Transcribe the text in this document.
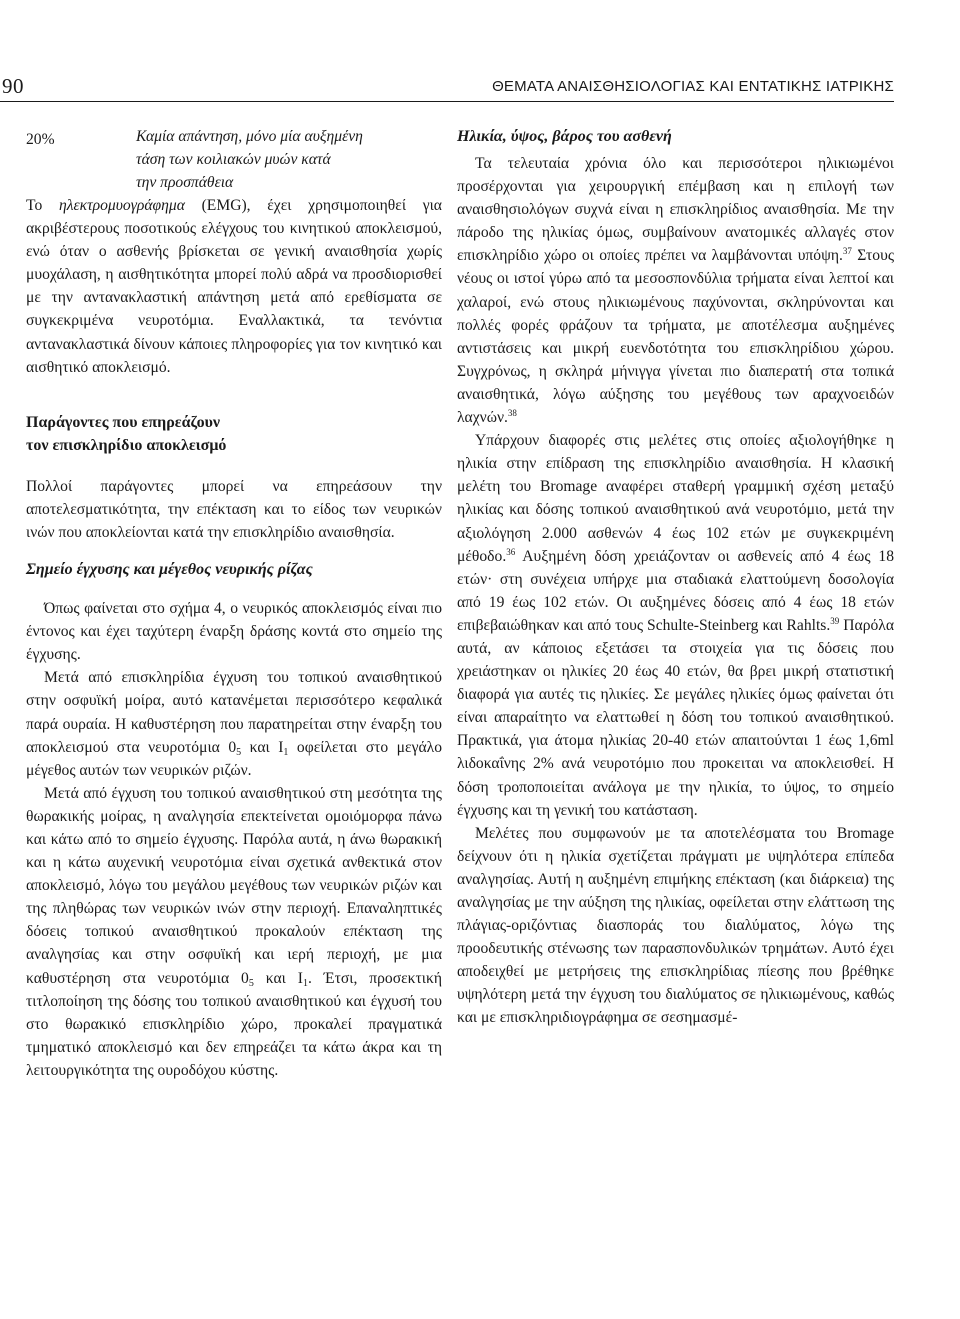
90	ΘΕΜΑΤΑ ΑΝΑΙΣΘΗΣΙΟΛΟΓΙΑΣ ΚΑΙ ΕΝΤΑΤΙΚΗΣ ΙΑΤΡΙΚΗΣ
20%	Καμία απάντηση, μόνο μία αυξημένη
τάση των κοιλιακών μυών κατά
την προσπάθεια

Το ηλεκτρομυογράφημα (EMG), έχει χρησιμοποιηθεί για ακριβέστερους ποσοτικούς ελέγχους του κινητικού αποκλεισμού, ενώ όταν ο ασθενής βρίσκεται σε γενική αναισθησία χωρίς μυοχάλαση, η αισθητικότητα μπορεί πολύ αδρά να προσδιορισθεί με την αντανακλαστική απάντηση μετά από ερεθίσματα σε συγκεκριμένα νευροτόμια. Εναλλακτικά, τα τενόντια αντανακλαστικά δίνουν κάποιες πληροφορίες για τον κινητικό και αισθητικό αποκλεισμό.

Παράγοντες που επηρεάζουν
τον επισκληρίδιο αποκλεισμό

Πολλοί παράγοντες μπορεί να επηρεάσουν την αποτελεσματικότητα, την επέκταση και το είδος των νευρικών ινών που αποκλείονται κατά την επισκληρίδιο αναισθησία.

Σημείο έγχυσης και μέγεθος νευρικής ρίζας

Όπως φαίνεται στο σχήμα 4, ο νευρικός αποκλεισμός είναι πιο έντονος και έχει ταχύτερη έναρξη δράσης κοντά στο σημείο της έγχυσης.

Μετά από επισκληρίδια έγχυση του τοπικού αναισθητικού στην οσφυϊκή μοίρα, αυτό κατανέμεται περισσότερο κεφαλικά παρά ουραία. Η καθυστέρηση που παρατηρείται στην έναρξη του αποκλεισμού στα νευροτόμια $0_5$ και $I_1$ οφείλεται στο μεγάλο μέγεθος αυτών των νευρικών ριζών.

Μετά από έγχυση του τοπικού αναισθητικού στη μεσότητα της θωρακικής μοίρας, η αναλγησία επεκτείνεται ομοιόμορφα πάνω και κάτω από το σημείο έγχυσης. Παρόλα αυτά, η άνω θωρακική και η κάτω αυχενική νευροτόμια είναι σχετικά ανθεκτικά στον αποκλεισμό, λόγω του μεγάλου μεγέθους των νευρικών ριζών και της πληθώρας των νευρικών ινών στην περιοχή. Επαναληπτικές δόσεις τοπικού αναισθητικού προκαλούν επέκταση της αναλγησίας και στην οσφυϊκή και ιερή περιοχή, με μια καθυστέρηση στα νευροτόμια $0_5$ και $I_1$. Έτσι, προσεκτική τιτλοποίηση της δόσης του τοπικού αναισθητικού και έγχυσή του στο θωρακικό επισκληρίδιο χώρο, προκαλεί πραγματικά τμηματικό αποκλεισμό και δεν επηρεάζει τα κάτω άκρα και τη λειτουργικότητα της ουροδόχου κύστης.

Ηλικία, ύψος, βάρος του ασθενή

Τα τελευταία χρόνια όλο και περισσότεροι ηλικιωμένοι προσέρχονται για χειρουργική επέμβαση και η επιλογή των αναισθησιολόγων συχνά είναι η επισκληρίδιος αναισθησία. Με την πάροδο της ηλικίας όμως, συμβαίνουν ανατομικές αλλαγές στον επισκληρίδιο χώρο οι οποίες πρέπει να λαμβάνονται υπόψη.$^{37}$ Στους νέους οι ιστοί γύρω από τα μεσοσπονδύλια τρήματα είναι λεπτοί και χαλαροί, ενώ στους ηλικιωμένους παχύνονται, σκληρύνονται και πολλές φορές φράζουν τα τρήματα, με αποτέλεσμα αυξημένες αντιστάσεις και μικρή ευενδοτότητα του επισκληρίδιου χώρου. Συγχρόνως, η σκληρά μήνιγγα γίνεται πιο διαπερατή στα τοπικά αναισθητικά, λόγω αύξησης του μεγέθους των αραχνοειδών λαχνών.$^{38}$

Υπάρχουν διαφορές στις μελέτες στις οποίες αξιολογήθηκε η ηλικία στην επίδραση της επισκληρίδιο αναισθησία. Η κλασική μελέτη του Bromage αναφέρει σταθερή γραμμική σχέση μεταξύ ηλικίας και δόσης τοπικού αναισθητικού ανά νευροτόμιο, μετά την αξιολόγηση 2.000 ασθενών 4 έως 102 ετών με συγκεκριμένη μέθοδο.$^{36}$ Αυξημένη δόση χρειάζονταν οι ασθενείς από 4 έως 18 ετών· στη συνέχεια υπήρχε μια σταδιακά ελαττούμενη δοσολογία από 19 έως 102 ετών. Οι αυξημένες δόσεις από 4 έως 18 ετών επιβεβαιώθηκαν και από τους Schulte-Steinberg και Rahlts.$^{39}$ Παρόλα αυτά, αν κάποιος εξετάσει τα στοιχεία για τις δόσεις που χρειάστηκαν οι ηλικίες 20 έως 40 ετών, θα βρει μικρή στατιστική διαφορά για αυτές τις ηλικίες. Σε μεγάλες ηλικίες όμως φαίνεται ότι είναι απαραίτητο να ελαττωθεί η δόση του τοπικού αναισθητικού. Πρακτικά, για άτομα ηλικίας 20-40 ετών απαιτούνται 1 έως 1,6ml λιδοκαΐνης 2% ανά νευροτόμιο που προκειται να αποκλεισθεί. Η δόση τροποποιείται ανάλογα με την ηλικία, το ύψος, το σημείο έγχυσης και τη γενική του κατάσταση.

Μελέτες που συμφωνούν με τα αποτελέσματα του Bromage δείχνουν ότι η ηλικία σχετίζεται πράγματι με υψηλότερα επίπεδα αναλγησίας. Αυτή η αυξημένη επιμήκης επέκταση (και διάρκεια) της αναλγησίας με την αύξηση της ηλικίας, οφείλεται στην ελάττωση της πλάγιας-οριζόντιας διασποράς του διαλύματος, λόγω της προοδευτικής στένωσης των παρασπονδυλικών τρημάτων. Αυτό έχει αποδειχθεί με μετρήσεις της επισκληρίδιας πίεσης που βρέθηκε υψηλότερη μετά την έγχυση του διαλύματος σε ηλικιωμένους, καθώς και με επισκληριδιογράφημα σε σεσημασμέ-
